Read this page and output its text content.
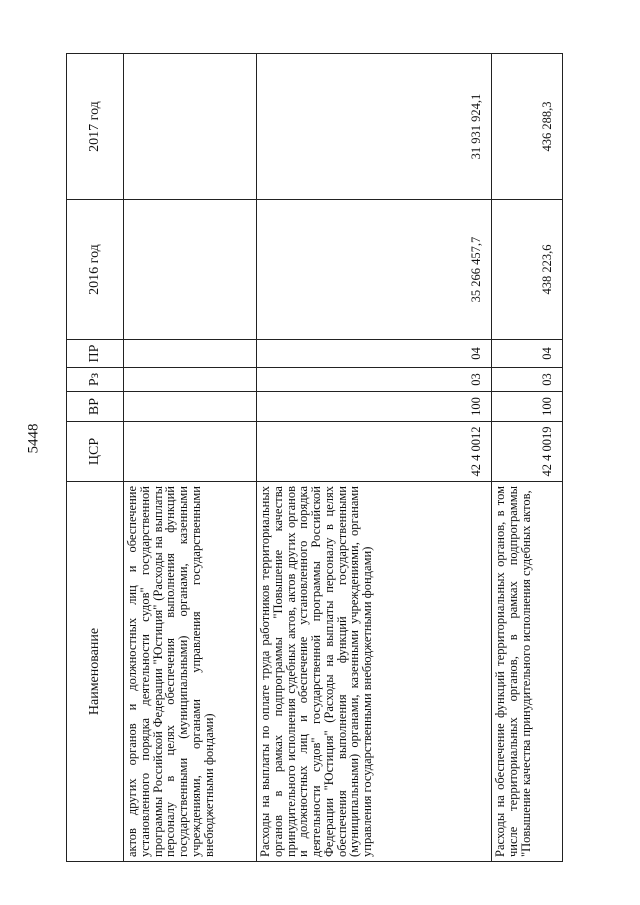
5448
Наименование	ЦСР	ВР	Рз	ПР	2016 год	2017 год
актов других органов и должностных лиц и обеспечение установленного порядка деятельности судов" государственной программы Российской Федерации "Юстиция" (Расходы на выплаты персоналу в целях обеспечения выполнения функций государственными (муниципальными) органами, казенными учреждениями, органами управления государственными внебюджетными фондами)						
Расходы на выплаты по оплате труда работников территориальных органов в рамках подпрограммы "Повышение качества принудительного исполнения судебных актов, актов других органов и должностных лиц и обеспечение установленного порядка деятельности судов" государственной программы Российской Федерации "Юстиция" (Расходы на выплаты персоналу в целях обеспечения выполнения функций государственными (муниципальными) органами, казенными учреждениями, органами управления государственными внебюджетными фондами)	42 4 0012	100	03	04	35 266 457,7	31 931 924,1
Расходы на обеспечение функций территориальных органов, в том числе территориальных органов, в рамках подпрограммы "Повышение качества принудительного исполнения судебных актов,	42 4 0019	100	03	04	438 223,6	436 288,3
